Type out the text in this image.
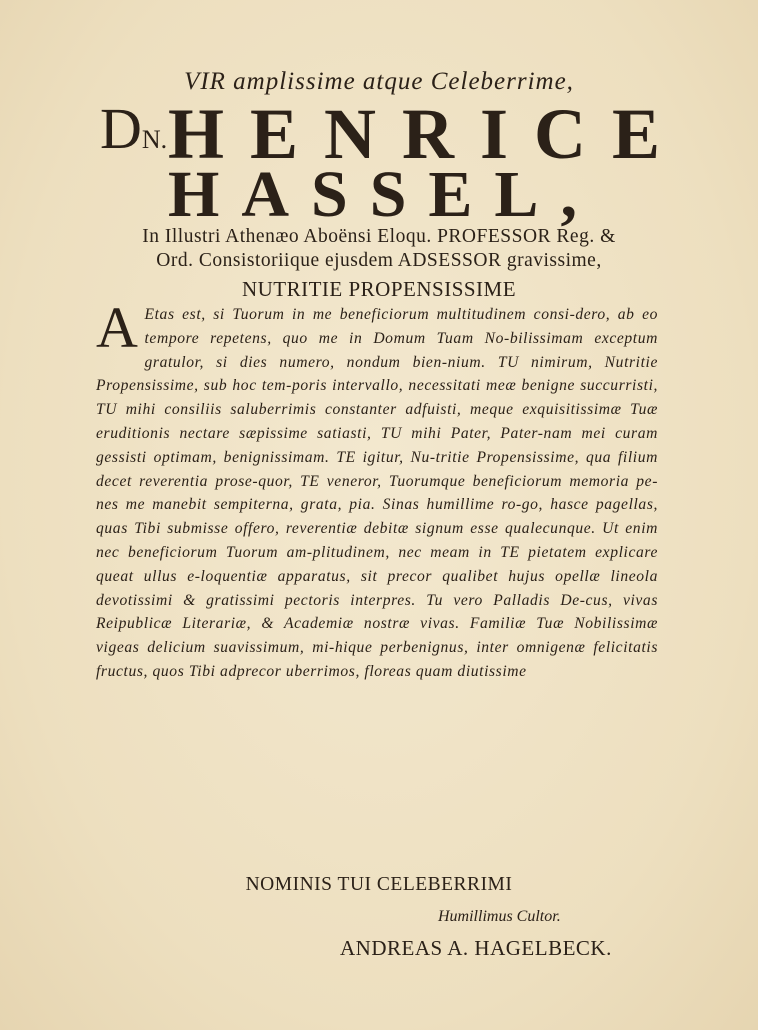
VIR amplissime atque Celeberrime,
DN. HENRICE
HASSEL,
In Illustri Athenæo Aboënsi Eloqu. PROFESSOR Reg. &
Ord. Consistoriique ejusdem ADSESSOR gravissime,
NUTRITIE PROPENSISSIME
A Etas est, si Tuorum in me beneficiorum multitudinem consi-dero, ab eo tempore repetens, quo me in Domum Tuam No-bilissimam exceptum gratulor, si dies numero, nondum bien-nium. TU nimirum, Nutritie Propensissime, sub hoc tem-poris intervallo, necessitati meæ benigne succurristi, TU mihi consiliis saluberrimis constanter adfuisti, meque exquisitissimæ Tuæ eruditionis nectare sæpissime satiasti, TU mihi Pater, Pater-nam mei curam gessisti optimam, benignissimam. TE igitur, Nu-tritie Propensissime, qua filium decet reverentia prose-quor, TE veneror, Tuorumque beneficiorum memoria pe-nes me manebit sempiterna, grata, pia. Sinas humillime ro-go, hasce pagellas, quas Tibi submisse offero, reverentiæ debitæ signum esse qualecunque. Ut enim nec beneficiorum Tuorum am-plitudinem, nec meam in TE pietatem explicare queat ullus e-loquentiæ apparatus, sit precor qualibet hujus opellæ lineola devotissimi & gratissimi pectoris interpres. Tu vero Palladis De-cus, vivas Reipublicæ Literariæ, & Academiæ nostræ vivas. Familiæ Tuæ Nobilissimæ vigeas delicium suavissimum, mi-hique perbenignus, inter omnigenæ felicitatis fructus, quos Tibi adprecor uberrimos, floreas quam diutissime
NOMINIS TUI CELEBERRIMI
Humillimus Cultor.
ANDREAS A. HAGELBECK.
